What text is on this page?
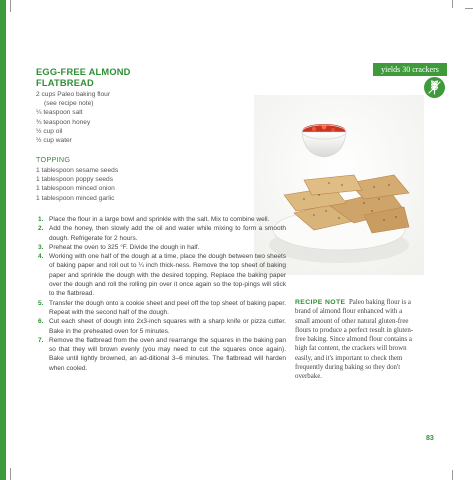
EGG-FREE ALMOND
FLATBREAD
yields 30 crackers
2 cups Paleo baking flour
(see recipe note)
¼ teaspoon salt
¾ teaspoon honey
½ cup oil
½ cup water
TOPPING
1 tablespoon sesame seeds
1 tablespoon poppy seeds
1 tablespoon minced onion
1 tablespoon minced garlic
1. Place the flour in a large bowl and sprinkle with the salt. Mix to combine well.
2. Add the honey, then slowly add the oil and water while mixing to form a smooth dough. Refrigerate for 2 hours.
3. Preheat the oven to 325 °F. Divide the dough in half.
4. Working with one half of the dough at a time, place the dough between two sheets of baking paper and roll out to ¼ inch thick-ness. Remove the top sheet of baking paper and sprinkle the dough with the desired topping. Replace the baking paper over the dough and roll the rolling pin over it once again so the top-pings will stick to the flatbread.
5. Transfer the dough onto a cookie sheet and peel off the top sheet of baking paper. Repeat with the second half of the dough.
6. Cut each sheet of dough into 2x3-inch squares with a sharp knife or pizza cutter. Bake in the preheated oven for 5 minutes.
7. Remove the flatbread from the oven and rearrange the squares in the baking pan so that they will brown evenly (you may need to cut the squares once again). Bake until lightly browned, an ad-ditional 3–6 minutes. The flatbread will harden when cooled.
RECIPE NOTE Paleo baking flour is a brand of almond flour enhanced with a small amount of other natural gluten-free flours to produce a perfect result in gluten-free baking. Since almond flour contains a high fat content, the crackers will brown easily, and it's important to check them frequently during baking so they don't overbake.
83
